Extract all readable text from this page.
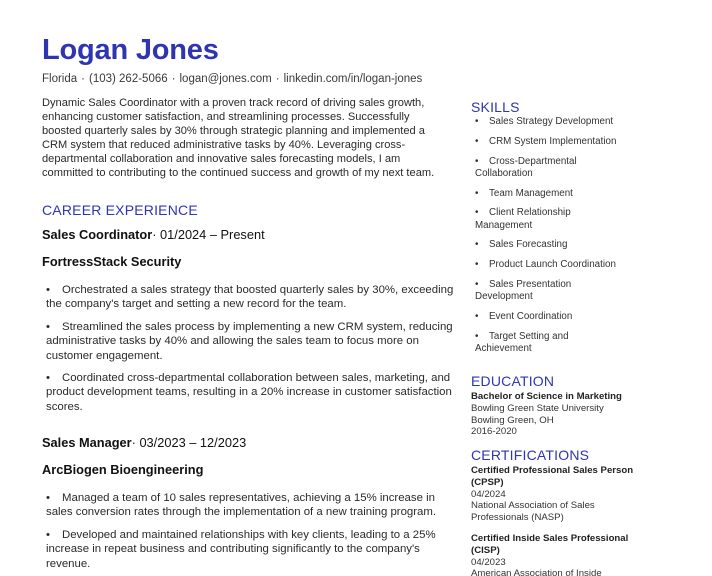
Logan Jones
Florida · (103) 262-5066 · logan@jones.com · linkedin.com/in/logan-jones
Dynamic Sales Coordinator with a proven track record of driving sales growth, enhancing customer satisfaction, and streamlining processes. Successfully boosted quarterly sales by 30% through strategic planning and implemented a CRM system that reduced administrative tasks by 40%. Leveraging cross-departmental collaboration and innovative sales forecasting models, I am committed to contributing to the continued success and growth of my next team.
CAREER EXPERIENCE
Sales Coordinator· 01/2024 – Present
FortressStack Security
• Orchestrated a sales strategy that boosted quarterly sales by 30%, exceeding the company's target and setting a new record for the team.
• Streamlined the sales process by implementing a new CRM system, reducing administrative tasks by 40% and allowing the sales team to focus more on customer engagement.
• Coordinated cross-departmental collaboration between sales, marketing, and product development teams, resulting in a 20% increase in customer satisfaction scores.
Sales Manager· 03/2023 – 12/2023
ArcBiogen Bioengineering
• Managed a team of 10 sales representatives, achieving a 15% increase in sales conversion rates through the implementation of a new training program.
• Developed and maintained relationships with key clients, leading to a 25% increase in repeat business and contributing significantly to the company's revenue.
SKILLS
• Sales Strategy Development
• CRM System Implementation
• Cross-Departmental Collaboration
• Team Management
• Client Relationship Management
• Sales Forecasting
• Product Launch Coordination
• Sales Presentation Development
• Event Coordination
• Target Setting and Achievement
EDUCATION
Bachelor of Science in Marketing
Bowling Green State University
Bowling Green, OH
2016-2020
CERTIFICATIONS
Certified Professional Sales Person (CPSP)
04/2024
National Association of Sales Professionals (NASP)
Certified Inside Sales Professional (CISP)
04/2023
American Association of Inside
